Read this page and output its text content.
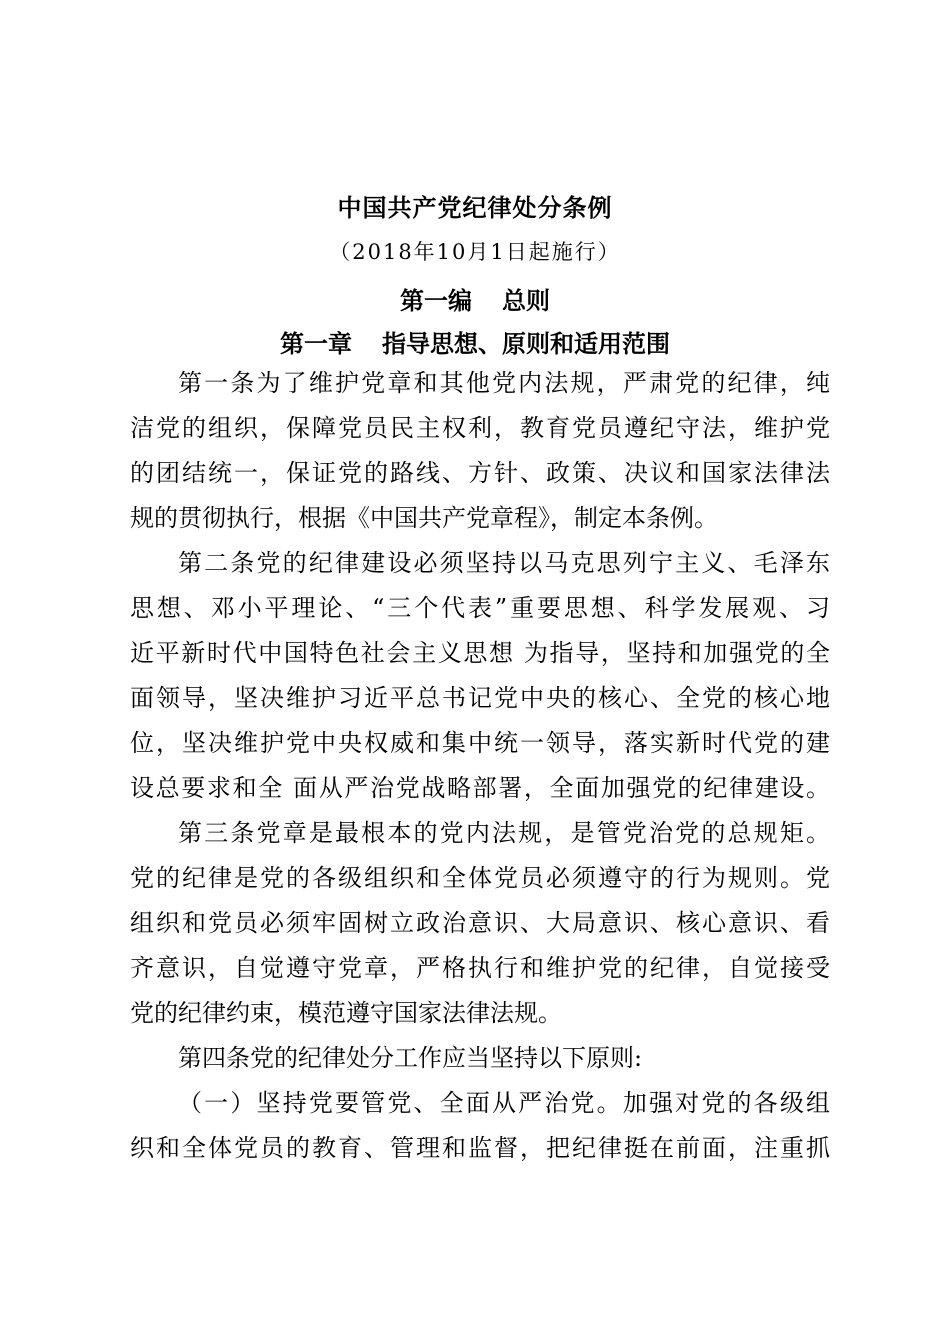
中国共产党纪律处分条例
（2018年10月1日起施行）
第一编 总则
第一章 指导思想、原则和适用范围
第一条为了维护党章和其他党内法规，严肃党的纪律，纯
洁党的组织，保障党员民主权利，教育党员遵纪守法，维护党
的团结统一，保证党的路线、方针、政策、决议和国家法律法
规的贯彻执行，根据《中国共产党章程》，制定本条例。
第二条党的纪律建设必须坚持以马克思列宁主义、毛泽东
思想、邓小平理论、“三个代表”重要思想、科学发展观、习
近平新时代中国特色社会主义思想 为指导，坚持和加强党的全
面领导，坚决维护习近平总书记党中央的核心、全党的核心地
位，坚决维护党中央权威和集中统一领导，落实新时代党的建
设总要求和全 面从严治党战略部署，全面加强党的纪律建设。
第三条党章是最根本的党内法规，是管党治党的总规矩。
党的纪律是党的各级组织和全体党员必须遵守的行为规则。党
组织和党员必须牢固树立政治意识、大局意识、核心意识、看
齐意识，自觉遵守党章，严格执行和维护党的纪律，自觉接受
党的纪律约束，模范遵守国家法律法规。
第四条党的纪律处分工作应当坚持以下原则:
（一）坚持党要管党、全面从严治党。加强对党的各级组
织和全体党员的教育、管理和监督，把纪律挺在前面，注重抓
